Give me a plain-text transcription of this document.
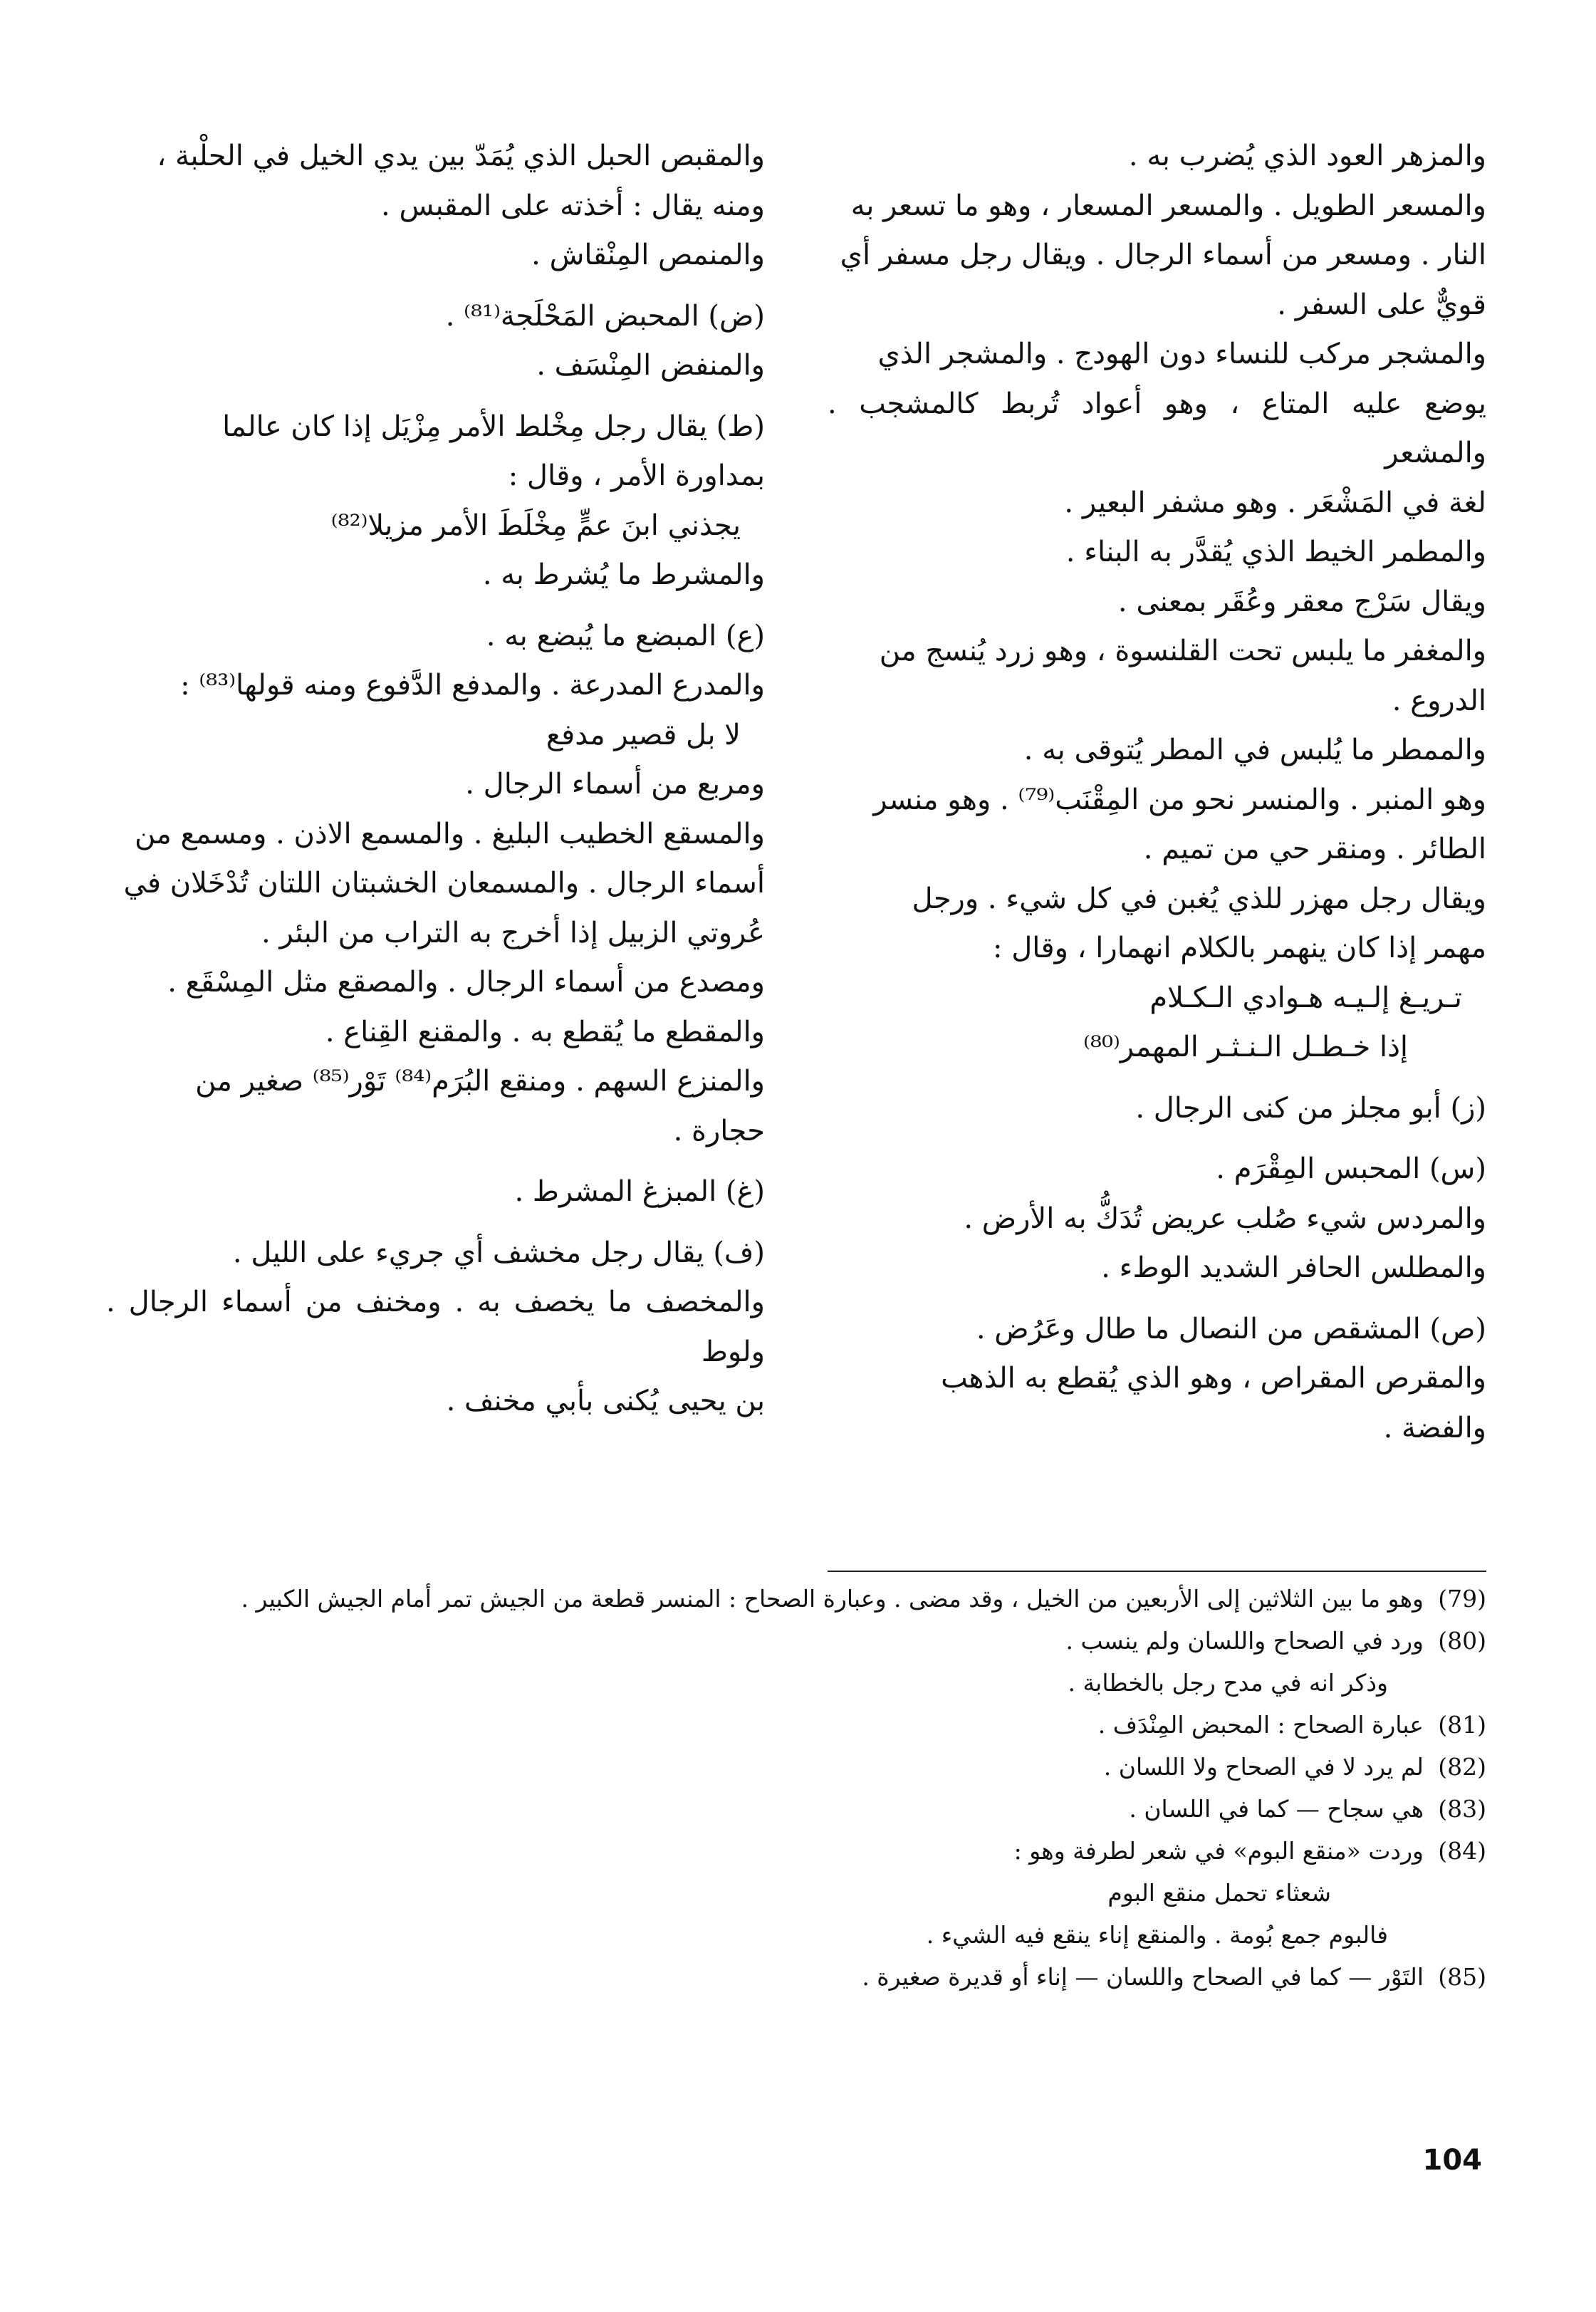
والمزهر العود الذي يُضرب به .

والمسعر الطويل . والمسعر المسعار ، وهو ما تسعر به

النار . ومسعر من أسماء الرجال . ويقال رجل مسفر أي

قويٌّ على السفر .

والمشجر مركب للنساء دون الهودج . والمشجر الذي

يوضع عليه المتاع ، وهو أعواد تُربط كالمشجب . والمشعر

لغة في المَشْعَر . وهو مشفر البعير .

والمطمر الخيط الذي يُقدَّر به البناء .

ويقال سَرْج معقر وعُقَر بمعنى .

والمغفر ما يلبس تحت القلنسوة ، وهو زرد يُنسج من

الدروع .

والممطر ما يُلبس في المطر يُتوقى به .

وهو المنبر . والمنسر نحو من المِقْنَب⁽⁷⁹⁾ . وهو منسر

الطائر . ومنقر حي من تميم .

ويقال رجل مهزر للذي يُغبن في كل شيء . ورجل

مهمر إذا كان ينهمر بالكلام انهمارا ، وقال :

تـريـغ إلـيـه هـوادي الـكـلام
إذا خـطـل الـنـثـر المهمر⁽⁸⁰⁾

(ز) أبو مجلز من كنى الرجال .

(س) المحبس المِقْرَم .

والمردس شيء صُلب عريض تُدَكُّ به الأرض .

والمطلس الحافر الشديد الوطء .

(ص) المشقص من النصال ما طال وعَرُض .

والمقرص المقراص ، وهو الذي يُقطع به الذهب

والفضة .

والمقبص الحبل الذي يُمَدّ بين يدي الخيل في الحلْبة ،

ومنه يقال : أخذته على المقبس .

والمنمص المِنْقاش .

(ض) المحبض المَحْلَجة⁽⁸¹⁾ .

والمنفض المِنْسَف .

(ط) يقال رجل مِخْلط الأمر مِزْيَل إذا كان عالما

بمداورة الأمر ، وقال :

يجذني ابنَ عمٍّ مِخْلَطَ الأمر مزيلا⁽⁸²⁾

والمشرط ما يُشرط به .

(ع) المبضع ما يُبضع به .

والمدرع المدرعة . والمدفع الدَّفوع ومنه قولها⁽⁸³⁾ :

لا بل قصير مدفع

ومربع من أسماء الرجال .

والمسقع الخطيب البليغ . والمسمع الاذن . ومسمع من

أسماء الرجال . والمسمعان الخشبتان اللتان تُدْخَلان في

عُروتي الزبيل إذا أخرج به التراب من البئر .

ومصدع من أسماء الرجال . والمصقع مثل المِسْقَع .

والمقطع ما يُقطع به . والمقنع القِناع .

والمنزع السهم . ومنقع البُرَم⁽⁸⁴⁾ تَوْر⁽⁸⁵⁾ صغير من

حجارة .

(غ) المبزغ المشرط .

(ف) يقال رجل مخشف أي جريء على الليل .

والمخصف ما يخصف به . ومخنف من أسماء الرجال . ولوط

بن يحيى يُكنى بأبي مخنف .

(79)
وهو ما بين الثلاثين إلى الأربعين من الخيل ، وقد مضى . وعبارة الصحاح : المنسر قطعة من الجيش تمر أمام الجيش الكبير .
(80)
ورد في الصحاح واللسان ولم ينسب .
وذكر انه في مدح رجل بالخطابة .
(81)
عبارة الصحاح : المحبض المِنْدَف .
(82)
لم يرد لا في الصحاح ولا اللسان .
(83)
هي سجاح — كما في اللسان .
(84)
وردت «منقع البوم» في شعر لطرفة وهو :
شعثاء تحمل منقع البوم
فالبوم جمع بُومة . والمنقع إناء ينقع فيه الشيء .
(85)
التَوْر — كما في الصحاح واللسان — إناء أو قديرة صغيرة .
104
